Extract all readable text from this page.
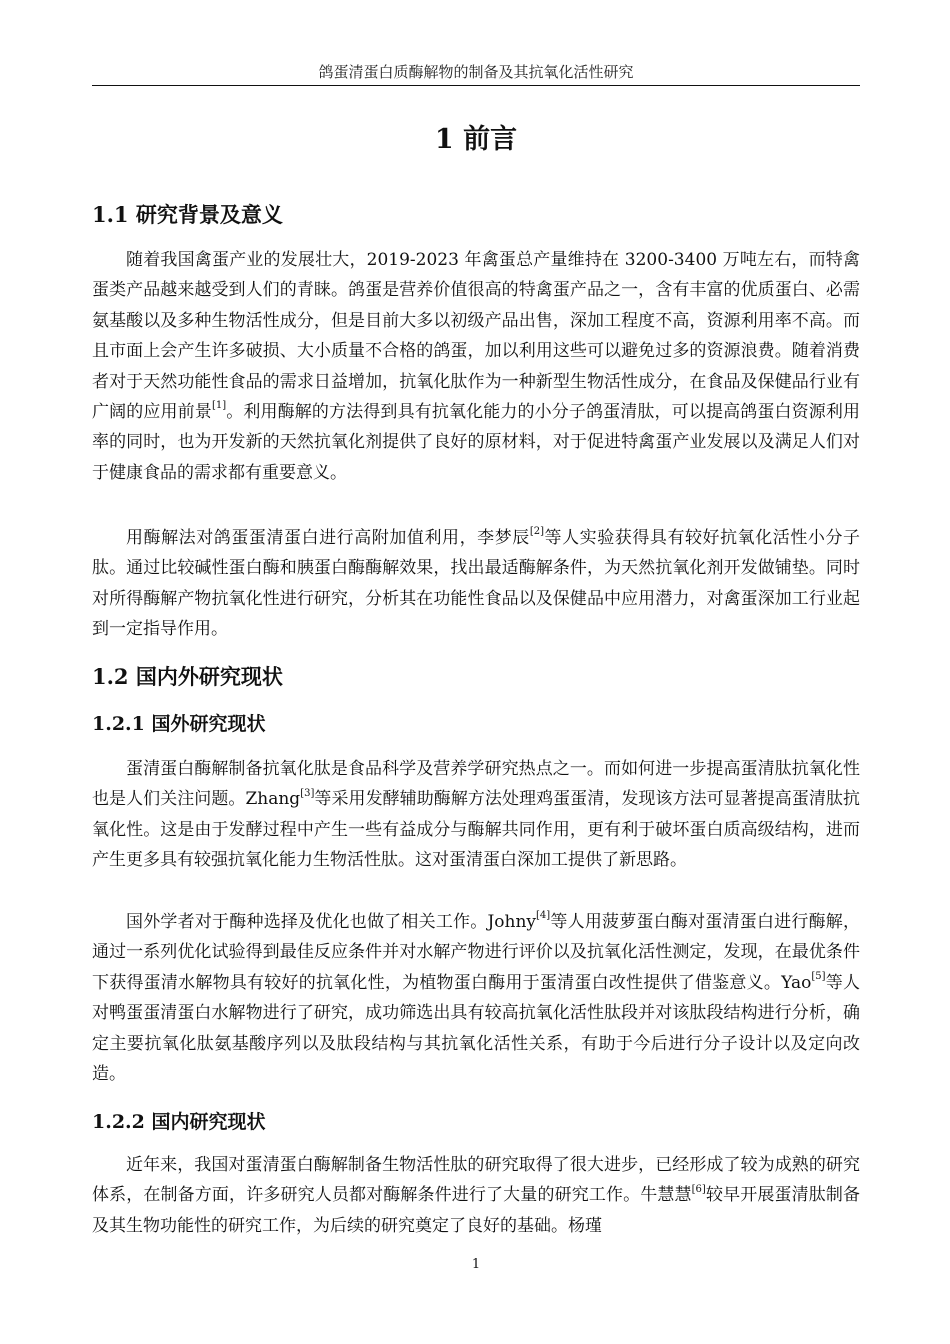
鸽蛋清蛋白质酶解物的制备及其抗氧化活性研究
1 前言
1.1 研究背景及意义

随着我国禽蛋产业的发展壮大，2019-2023 年禽蛋总产量维持在 3200-3400 万吨左右，而特禽蛋类产品越来越受到人们的青睐。鸽蛋是营养价值很高的特禽蛋产品之一，含有丰富的优质蛋白、必需氨基酸以及多种生物活性成分，但是目前大多以初级产品出售，深加工程度不高，资源利用率不高。而且市面上会产生许多破损、大小质量不合格的鸽蛋，加以利用这些可以避免过多的资源浪费。随着消费者对于天然功能性食品的需求日益增加，抗氧化肽作为一种新型生物活性成分，在食品及保健品行业有广阔的应用前景[1]。利用酶解的方法得到具有抗氧化能力的小分子鸽蛋清肽，可以提高鸽蛋白资源利用率的同时，也为开发新的天然抗氧化剂提供了良好的原材料，对于促进特禽蛋产业发展以及满足人们对于健康食品的需求都有重要意义。

用酶解法对鸽蛋蛋清蛋白进行高附加值利用，李梦辰[2]等人实验获得具有较好抗氧化活性小分子肽。通过比较碱性蛋白酶和胰蛋白酶酶解效果，找出最适酶解条件，为天然抗氧化剂开发做铺垫。同时对所得酶解产物抗氧化性进行研究，分析其在功能性食品以及保健品中应用潜力，对禽蛋深加工行业起到一定指导作用。

1.2 国内外研究现状
1.2.1 国外研究现状

蛋清蛋白酶解制备抗氧化肽是食品科学及营养学研究热点之一。而如何进一步提高蛋清肽抗氧化性也是人们关注问题。Zhang[3]等采用发酵辅助酶解方法处理鸡蛋蛋清，发现该方法可显著提高蛋清肽抗氧化性。这是由于发酵过程中产生一些有益成分与酶解共同作用，更有利于破坏蛋白质高级结构，进而产生更多具有较强抗氧化能力生物活性肽。这对蛋清蛋白深加工提供了新思路。

国外学者对于酶种选择及优化也做了相关工作。Johny[4]等人用菠萝蛋白酶对蛋清蛋白进行酶解，通过一系列优化试验得到最佳反应条件并对水解产物进行评价以及抗氧化活性测定，发现，在最优条件下获得蛋清水解物具有较好的抗氧化性，为植物蛋白酶用于蛋清蛋白改性提供了借鉴意义。Yao[5]等人对鸭蛋蛋清蛋白水解物进行了研究，成功筛选出具有较高抗氧化活性肽段并对该肽段结构进行分析，确定主要抗氧化肽氨基酸序列以及肽段结构与其抗氧化活性关系，有助于今后进行分子设计以及定向改造。

1.2.2 国内研究现状

近年来，我国对蛋清蛋白酶解制备生物活性肽的研究取得了很大进步，已经形成了较为成熟的研究体系，在制备方面，许多研究人员都对酶解条件进行了大量的研究工作。牛慧慧[6]较早开展蛋清肽制备及其生物功能性的研究工作，为后续的研究奠定了良好的基础。杨瑾

1
